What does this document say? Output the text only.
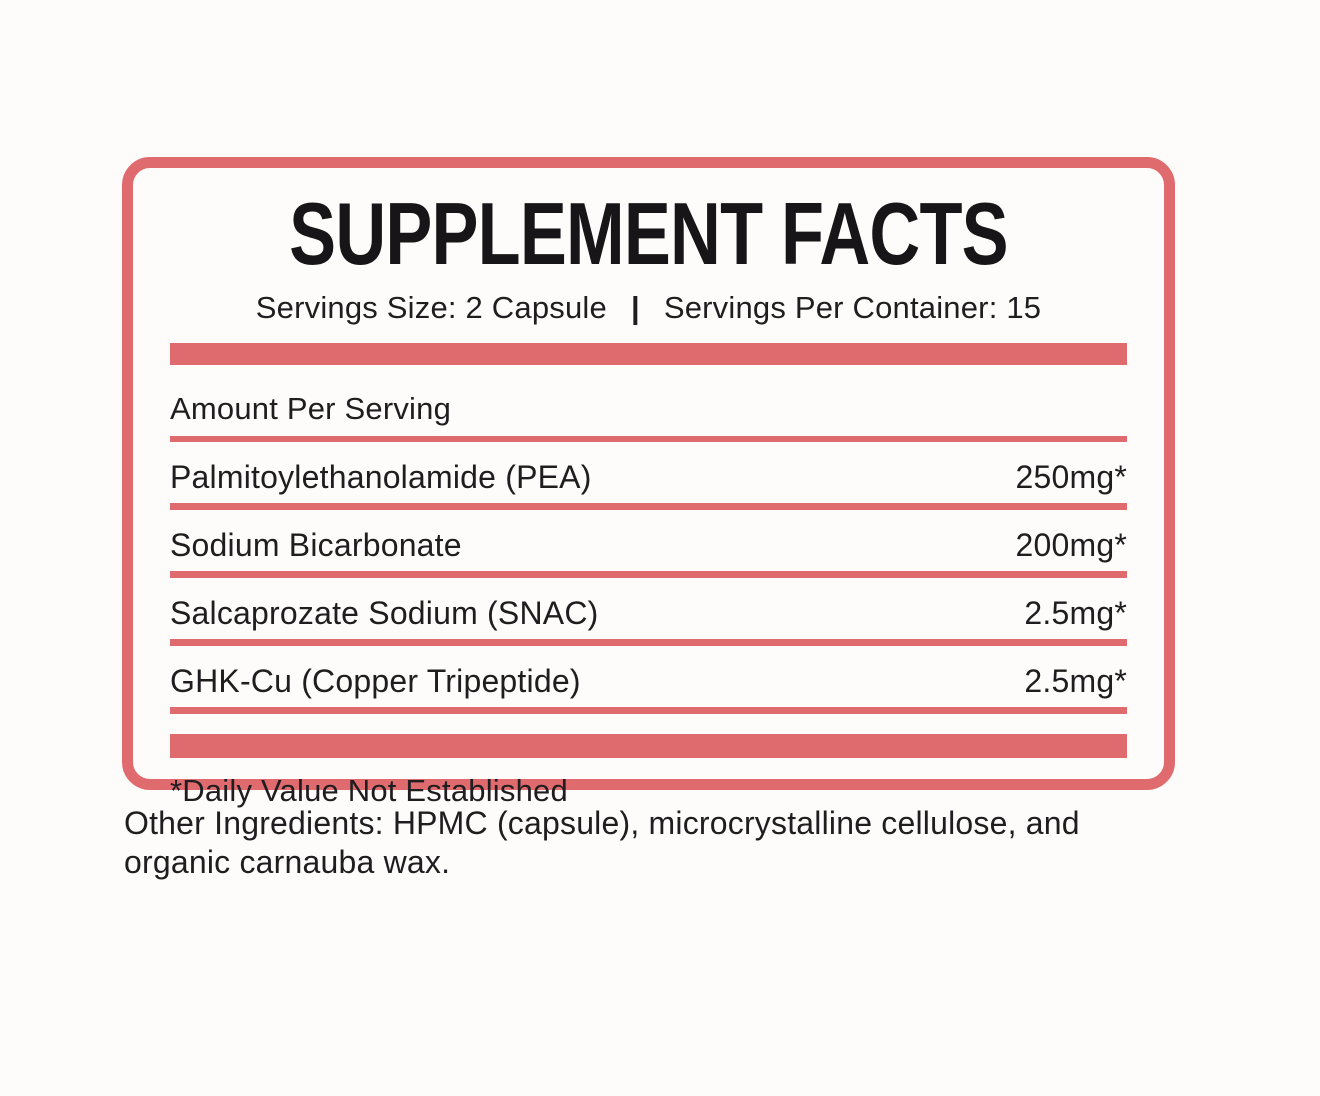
SUPPLEMENT FACTS
Servings Size: 2 Capsule | Servings Per Container: 15
Amount Per Serving
Palmitoylethanolamide (PEA)	250mg*
Sodium Bicarbonate	200mg*
Salcaprozate Sodium (SNAC)	2.5mg*
GHK-Cu (Copper Tripeptide)	2.5mg*
*Daily Value Not Established
Other Ingredients: HPMC (capsule), microcrystalline cellulose, and organic carnauba wax.
